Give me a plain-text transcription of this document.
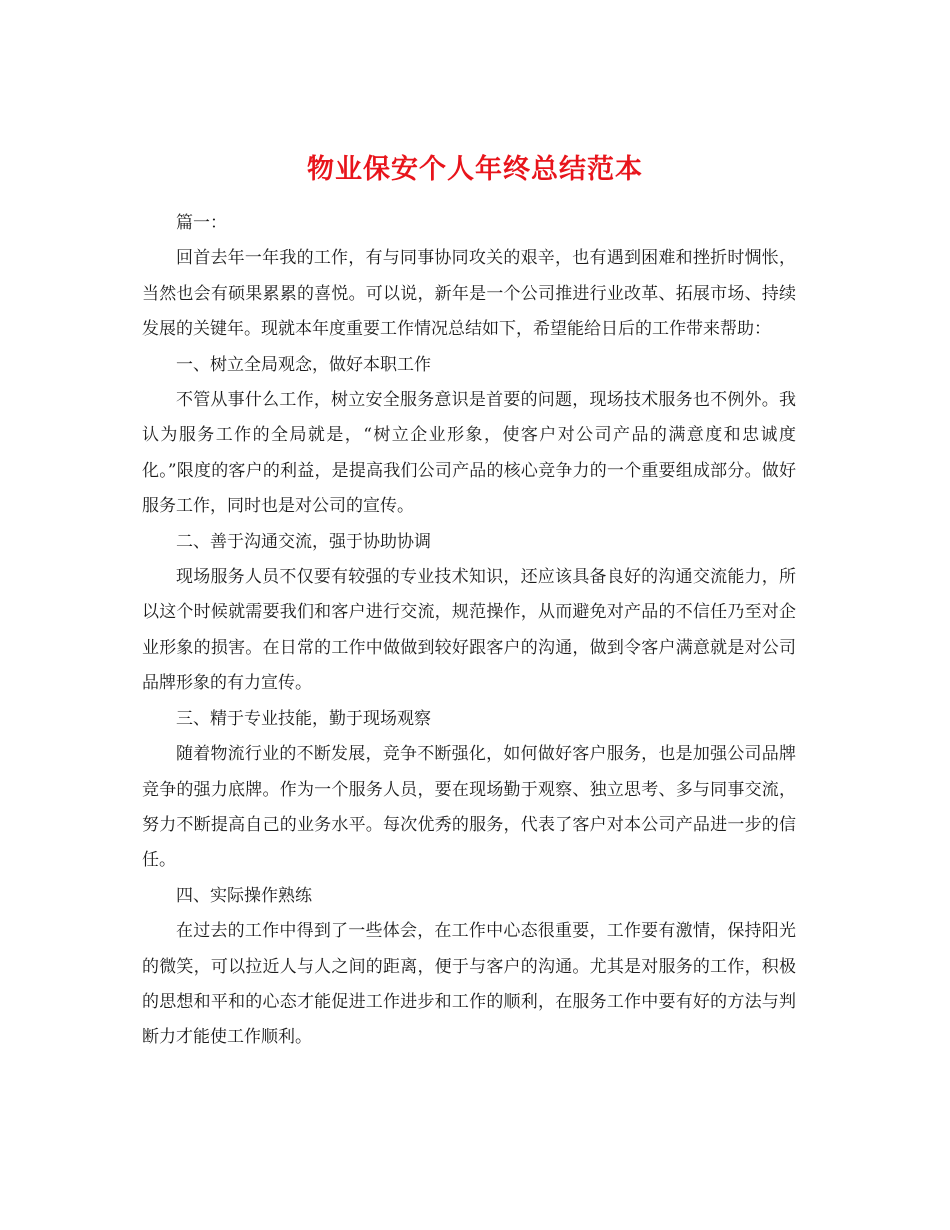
物业保安个人年终总结范本

篇一：

回首去年一年我的工作，有与同事协同攻关的艰辛，也有遇到困难和挫折时惆怅，当然也会有硕果累累的喜悦。可以说，新年是一个公司推进行业改革、拓展市场、持续发展的关键年。现就本年度重要工作情况总结如下，希望能给日后的工作带来帮助：

一、树立全局观念，做好本职工作

不管从事什么工作，树立安全服务意识是首要的问题，现场技术服务也不例外。我认为服务工作的全局就是，“树立企业形象，使客户对公司产品的满意度和忠诚度化。”限度的客户的利益，是提高我们公司产品的核心竞争力的一个重要组成部分。做好服务工作，同时也是对公司的宣传。

二、善于沟通交流，强于协助协调

现场服务人员不仅要有较强的专业技术知识，还应该具备良好的沟通交流能力，所以这个时候就需要我们和客户进行交流，规范操作，从而避免对产品的不信任乃至对企业形象的损害。在日常的工作中做做到较好跟客户的沟通，做到令客户满意就是对公司品牌形象的有力宣传。

三、精于专业技能，勤于现场观察

随着物流行业的不断发展，竞争不断强化，如何做好客户服务，也是加强公司品牌竞争的强力底牌。作为一个服务人员，要在现场勤于观察、独立思考、多与同事交流，努力不断提高自己的业务水平。每次优秀的服务，代表了客户对本公司产品进一步的信任。

四、实际操作熟练

在过去的工作中得到了一些体会，在工作中心态很重要，工作要有激情，保持阳光的微笑，可以拉近人与人之间的距离，便于与客户的沟通。尤其是对服务的工作，积极的思想和平和的心态才能促进工作进步和工作的顺利，在服务工作中要有好的方法与判断力才能使工作顺利。
